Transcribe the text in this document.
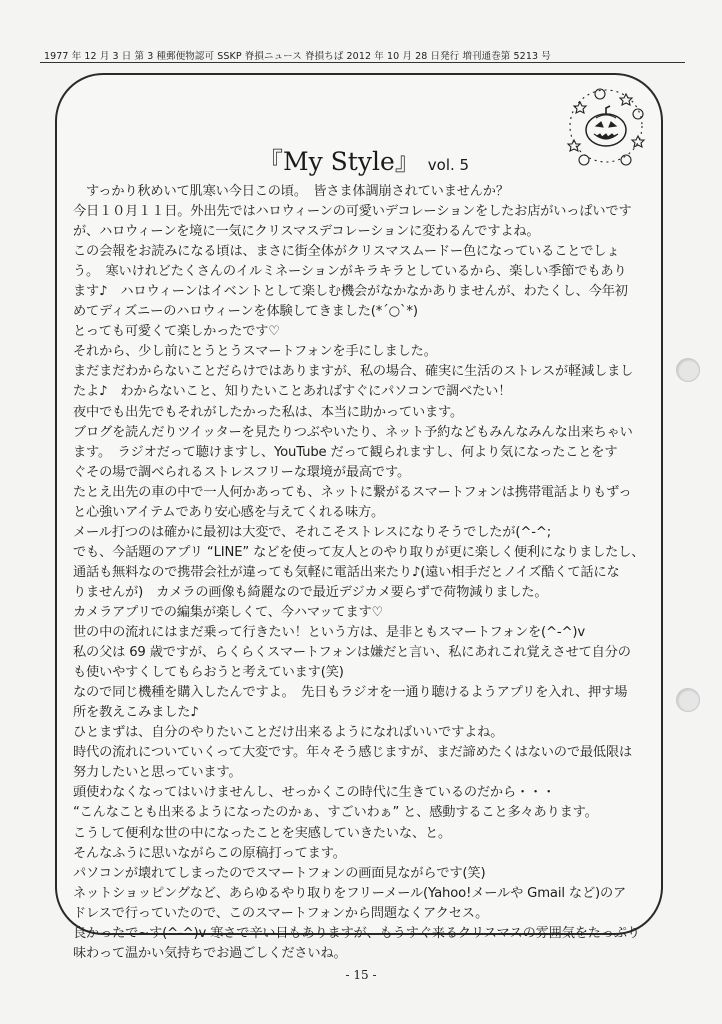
1977 年 12 月 3 日 第 3 種郵便物認可 SSKP 脊損ニュース 脊損ちば 2012 年 10 月 28 日発行 増刊通巻第 5213 号
『My Style』 vol. 5
　すっかり秋めいて肌寒い今日この頃。　皆さま体調崩されていませんか？
今日１０月１１日。外出先ではハロウィーンの可愛いデコレーションをしたお店がいっぱいです
が、ハロウィーンを境に一気にクリスマスデコレーションに変わるんですよね。
この会報をお読みになる頃は、まさに街全体がクリスマスムードー色になっていることでしょ
う。　寒いけれどたくさんのイルミネーションがキラキラとしているから、楽しい季節でもあり
ます♪　ハロウィーンはイベントとして楽しむ機会がなかなかありませんが、わたくし、今年初
めてディズニーのハロウィーンを体験してきました(*´○`*)
とっても可愛くて楽しかったです♡
それから、少し前にとうとうスマートフォンを手にしました。
まだまだわからないことだらけではありますが、私の場合、確実に生活のストレスが軽減しまし
たよ♪　わからないこと、知りたいことあればすぐにパソコンで調べたい！
夜中でも出先でもそれがしたかった私は、本当に助かっています。
ブログを読んだりツイッターを見たりつぶやいたり、ネット予約などもみんなみんな出来ちゃい
ます。　ラジオだって聴けますし、YouTube だって観られますし、何より気になったことをす
ぐその場で調べられるストレスフリーな環境が最高です。
たとえ出先の車の中で一人何かあっても、ネットに繋がるスマートフォンは携帯電話よりもずっ
と心強いアイテムであり安心感を与えてくれる味方。
メール打つのは確かに最初は大変で、それこそストレスになりそうでしたが(^-^;
でも、今話題のアプリ “LINE” などを使って友人とのやり取りが更に楽しく便利になりましたし、
通話も無料なので携帯会社が違っても気軽に電話出来たり♪(遠い相手だとノイズ酷くて話にな
りませんが)　カメラの画像も綺麗なので最近デジカメ要らずで荷物減りました。
カメラアプリでの編集が楽しくて、今ハマッてます♡
世の中の流れにはまだ乗って行きたい！という方は、是非ともスマートフォンを(^-^)v
私の父は 69 歳ですが、らくらくスマートフォンは嫌だと言い、私にあれこれ覚えさせて自分の
も使いやすくしてもらおうと考えています(笑)
なので同じ機種を購入したんですよ。　先日もラジオを一通り聴けるようアプリを入れ、押す場
所を教えこみました♪
ひとまずは、自分のやりたいことだけ出来るようになればいいですよね。
時代の流れについていくって大変です。年々そう感じますが、まだ諦めたくはないので最低限は
努力したいと思っています。
頭使わなくなってはいけませんし、せっかくこの時代に生きているのだから・・・
“こんなことも出来るようになったのかぁ、すごいわぁ” と、感動すること多々あります。
こうして便利な世の中になったことを実感していきたいな、と。
そんなふうに思いながらこの原稿打ってます。
パソコンが壊れてしまったのでスマートフォンの画面見ながらです(笑)
ネットショッピングなど、あらゆるやり取りをフリーメール(Yahoo!メールや Gmail など)のア
ドレスで行っていたので、このスマートフォンから問題なくアクセス。
良かったで~す(^-^)v 寒さで辛い日もありますが、もうすぐ来るクリスマスの雰囲気をたっぷり
味わって温かい気持ちでお過ごしくださいね。
- 15 -
